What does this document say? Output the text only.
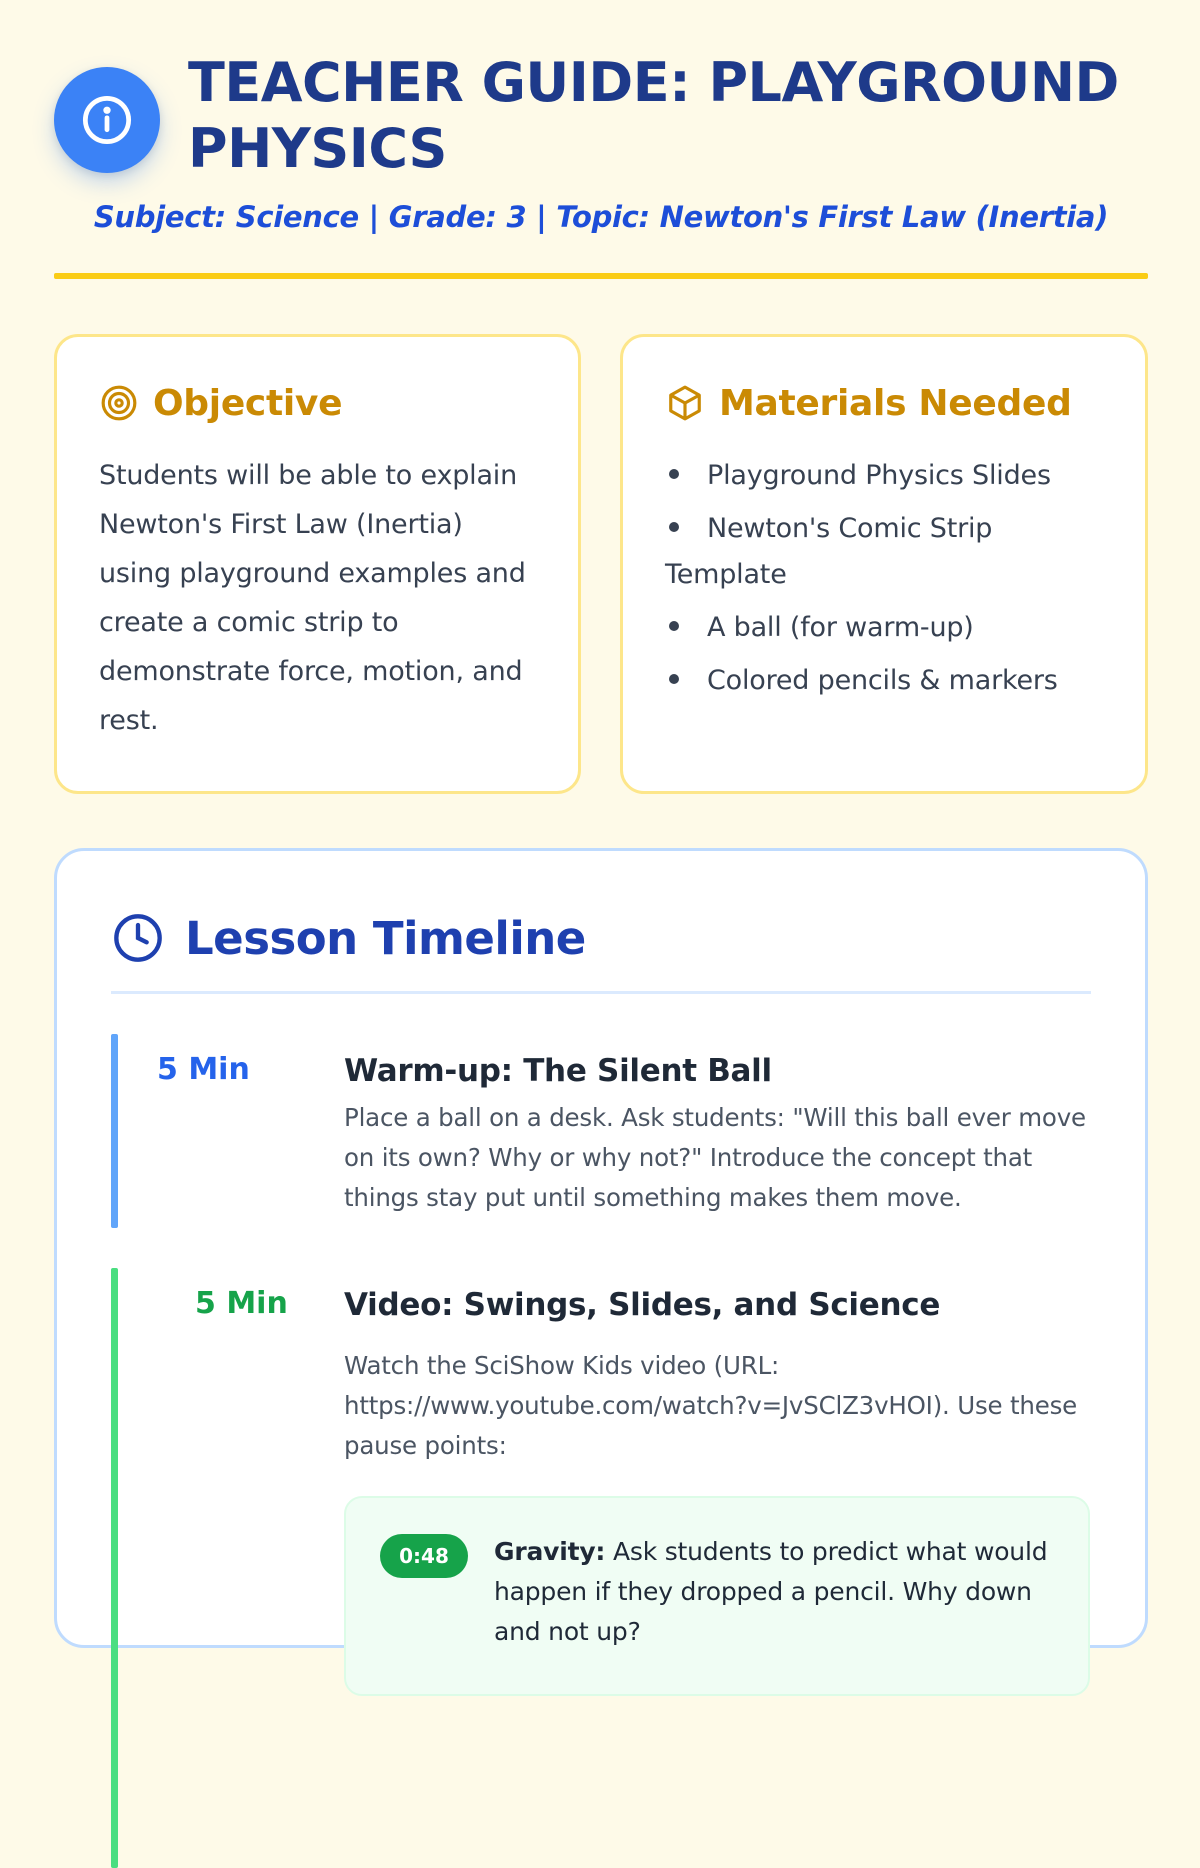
TEACHER GUIDE: PLAYGROUND PHYSICS
Subject: Science | Grade: 3 | Topic: Newton's First Law (Inertia)
Objective

Students will be able to explain Newton's First Law (Inertia) using playground examples and create a comic strip to demonstrate force, motion, and rest.

Materials Needed
Playground Physics Slides
Newton's Comic Strip Template
A ball (for warm-up)
Colored pencils & markers
Lesson Timeline
5 Min	Warm-up: The Silent Ball
Place a ball on a desk. Ask students: "Will this ball ever move on its own? Why or why not?" Introduce the concept that things stay put until something makes them move.
5 Min	Video: Swings, Slides, and Science
Watch the SciShow Kids video (URL: https://www.youtube.com/watch?v=JvSClZ3vHOI). Use these pause points:
0:48	Gravity: Ask students to predict what would happen if they dropped a pencil. Why down and not up?
